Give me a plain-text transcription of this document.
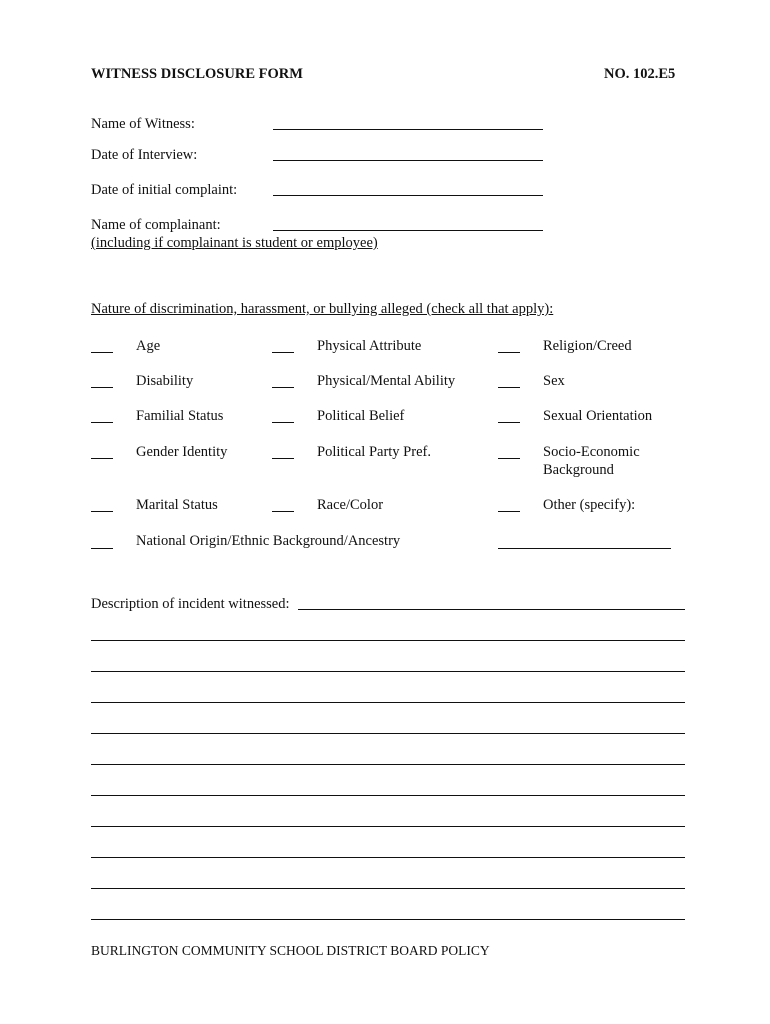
WITNESS DISCLOSURE FORM	NO. 102.E5
Name of Witness:
Date of Interview:
Date of initial complaint:
Name of complainant:
(including if complainant is student or employee)
Nature of discrimination, harassment, or bullying alleged (check all that apply):
Age	Physical Attribute	Religion/Creed
Disability	Physical/Mental Ability	Sex
Familial Status	Political Belief	Sexual Orientation
Gender Identity	Political Party Pref.	Socio-Economic
Background
Marital Status	Race/Color	Other (specify):
National Origin/Ethnic Background/Ancestry
Description of incident witnessed:
BURLINGTON COMMUNITY SCHOOL DISTRICT BOARD POLICY
